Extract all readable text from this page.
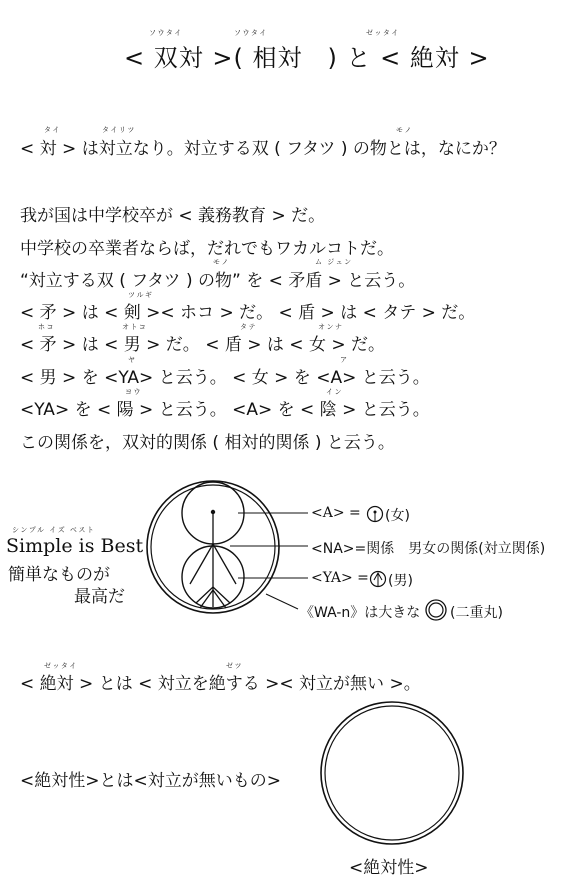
ソウタイ	ソウタイ	ゼッタイ
< 双対 >( 相対　) と < 絶対 >
タイ	タイリツ	モノ
< 対 > は対立なり。対立する双 ( フタツ ) の物とは，なにか？
我が国は中学校卒が < 義務教育 > だ。
中学校の卒業者ならば，だれでもワカルコトだ。
モノ	ム ジュン
“対立する双 ( フタツ ) の物” を < 矛盾 > と云う。
ツルギ
< 矛 > は < 剣 >< ホコ > だ。 < 盾 > は < タテ > だ。
ホコ	オトコ	タテ	オンナ
< 矛 > は < 男 > だ。 < 盾 > は < 女 > だ。
ヤ	ア
< 男 > を <YA> と云う。 < 女 > を <A> と云う。
ヨウ	イン
<YA> を < 陽 > と云う。 <A> を < 陰 > と云う。
この関係を，双対的関係 ( 相対的関係 ) と云う。
シンプル イズ ベスト
Simple is Best
簡単なものが
最高だ
<A> = (女)
<NA>=関係　男女の関係(対立関係)
<YA> = (男)
《WA-n》は大きな (二重丸)
ゼッタイ	ゼツ
< 絶対 > とは < 対立を絶する >< 対立が無い >。
<絶対性>とは<対立が無いもの>
<絶対性>
